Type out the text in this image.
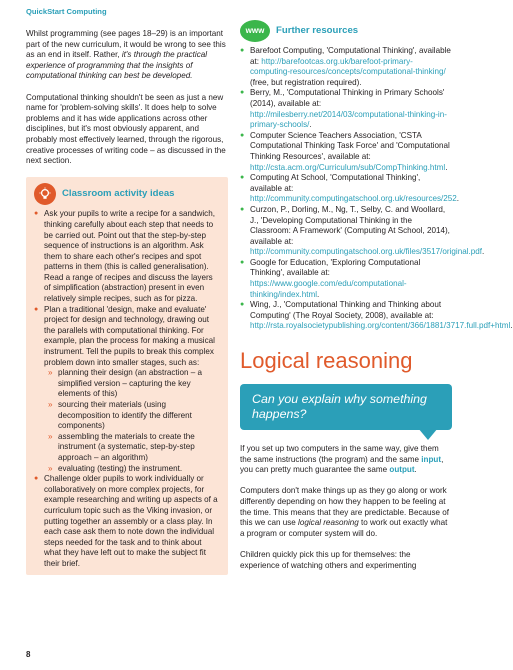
QuickStart Computing

Whilst programming (see pages 18–29) is an important part of the new curriculum, it would be wrong to see this as an end in itself. Rather, it's through the practical experience of programming that the insights of computational thinking can best be developed.

Computational thinking shouldn't be seen as just a new name for 'problem-solving skills'. It does help to solve problems and it has wide applications across other disciplines, but it's most obviously apparent, and probably most effectively learned, through the rigorous, creative processes of writing code – as discussed in the next section.

Classroom activity ideas
● Ask your pupils to write a recipe for a sandwich, thinking carefully about each step that needs to be carried out. Point out that the step-by-step sequence of instructions is an algorithm. Ask them to share each other's recipes and spot patterns in them (this is called generalisation). Read a range of recipes and discuss the layers of simplification (abstraction) present in even relatively simple recipes, such as for pizza.
● Plan a traditional 'design, make and evaluate' project for design and technology, drawing out the parallels with computational thinking. For example, plan the process for making a musical instrument. Tell the pupils to break this complex problem down into smaller stages, such as:
» planning their design (an abstraction – a simplified version – capturing the key elements of this)
» sourcing their materials (using decomposition to identify the different components)
» assembling the materials to create the instrument (a systematic, step-by-step approach – an algorithm)
» evaluating (testing) the instrument.
● Challenge older pupils to work individually or collaboratively on more complex projects, for example researching and writing up aspects of a curriculum topic such as the Viking invasion, or putting together an assembly or a class play. In each case ask them to note down the individual steps needed for the task and to think about what they have left out to make the subject fit their brief.
www	Further resources
● Barefoot Computing, 'Computational Thinking', available at: http://barefootcas.org.uk/barefoot-primary-computing-resources/concepts/computational-thinking/ (free, but registration required).
● Berry, M., 'Computational Thinking in Primary Schools' (2014), available at: http://milesberry.net/2014/03/computational-thinking-in-primary-schools/.
● Computer Science Teachers Association, 'CSTA Computational Thinking Task Force' and 'Computational Thinking Resources', available at: http://csta.acm.org/Curriculum/sub/CompThinking.html.
● Computing At School, 'Computational Thinking', available at: http://community.computingatschool.org.uk/resources/252.
● Curzon, P., Dorling, M., Ng, T., Selby, C. and Woollard, J., 'Developing Computational Thinking in the Classroom: A Framework' (Computing At School, 2014), available at: http://community.computingatschool.org.uk/files/3517/original.pdf.
● Google for Education, 'Exploring Computational Thinking', available at: https://www.google.com/edu/computational-thinking/index.html.
● Wing, J., 'Computational Thinking and Thinking about Computing' (The Royal Society, 2008), available at: http://rsta.royalsocietypublishing.org/content/366/1881/3717.full.pdf+html.
Logical reasoning
Can you explain why something happens?

If you set up two computers in the same way, give them the same instructions (the program) and the same input, you can pretty much guarantee the same output.

Computers don't make things up as they go along or work differently depending on how they happen to be feeling at the time. This means that they are predictable. Because of this we can use logical reasoning to work out exactly what a program or computer system will do.

Children quickly pick this up for themselves: the experience of watching others and experimenting

8
